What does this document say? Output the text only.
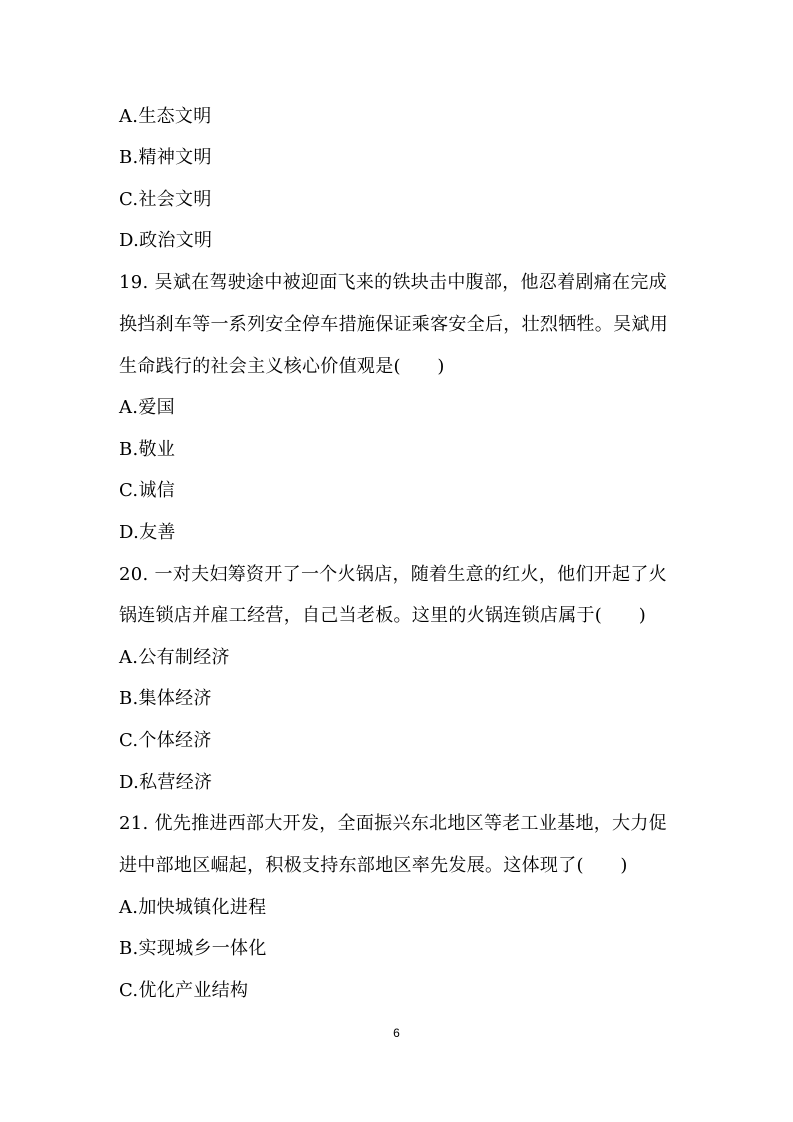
A.生态文明
B.精神文明
C.社会文明
D.政治文明
19. 吴斌在驾驶途中被迎面飞来的铁块击中腹部，他忍着剧痛在完成
换挡刹车等一系列安全停车措施保证乘客安全后，壮烈牺牲。吴斌用
生命践行的社会主义核心价值观是(　　)
A.爱国
B.敬业
C.诚信
D.友善
20. 一对夫妇筹资开了一个火锅店，随着生意的红火，他们开起了火
锅连锁店并雇工经营，自己当老板。这里的火锅连锁店属于(　　)
A.公有制经济
B.集体经济
C.个体经济
D.私营经济
21. 优先推进西部大开发，全面振兴东北地区等老工业基地，大力促
进中部地区崛起，积极支持东部地区率先发展。这体现了(　　)
A.加快城镇化进程
B.实现城乡一体化
C.优化产业结构
6
